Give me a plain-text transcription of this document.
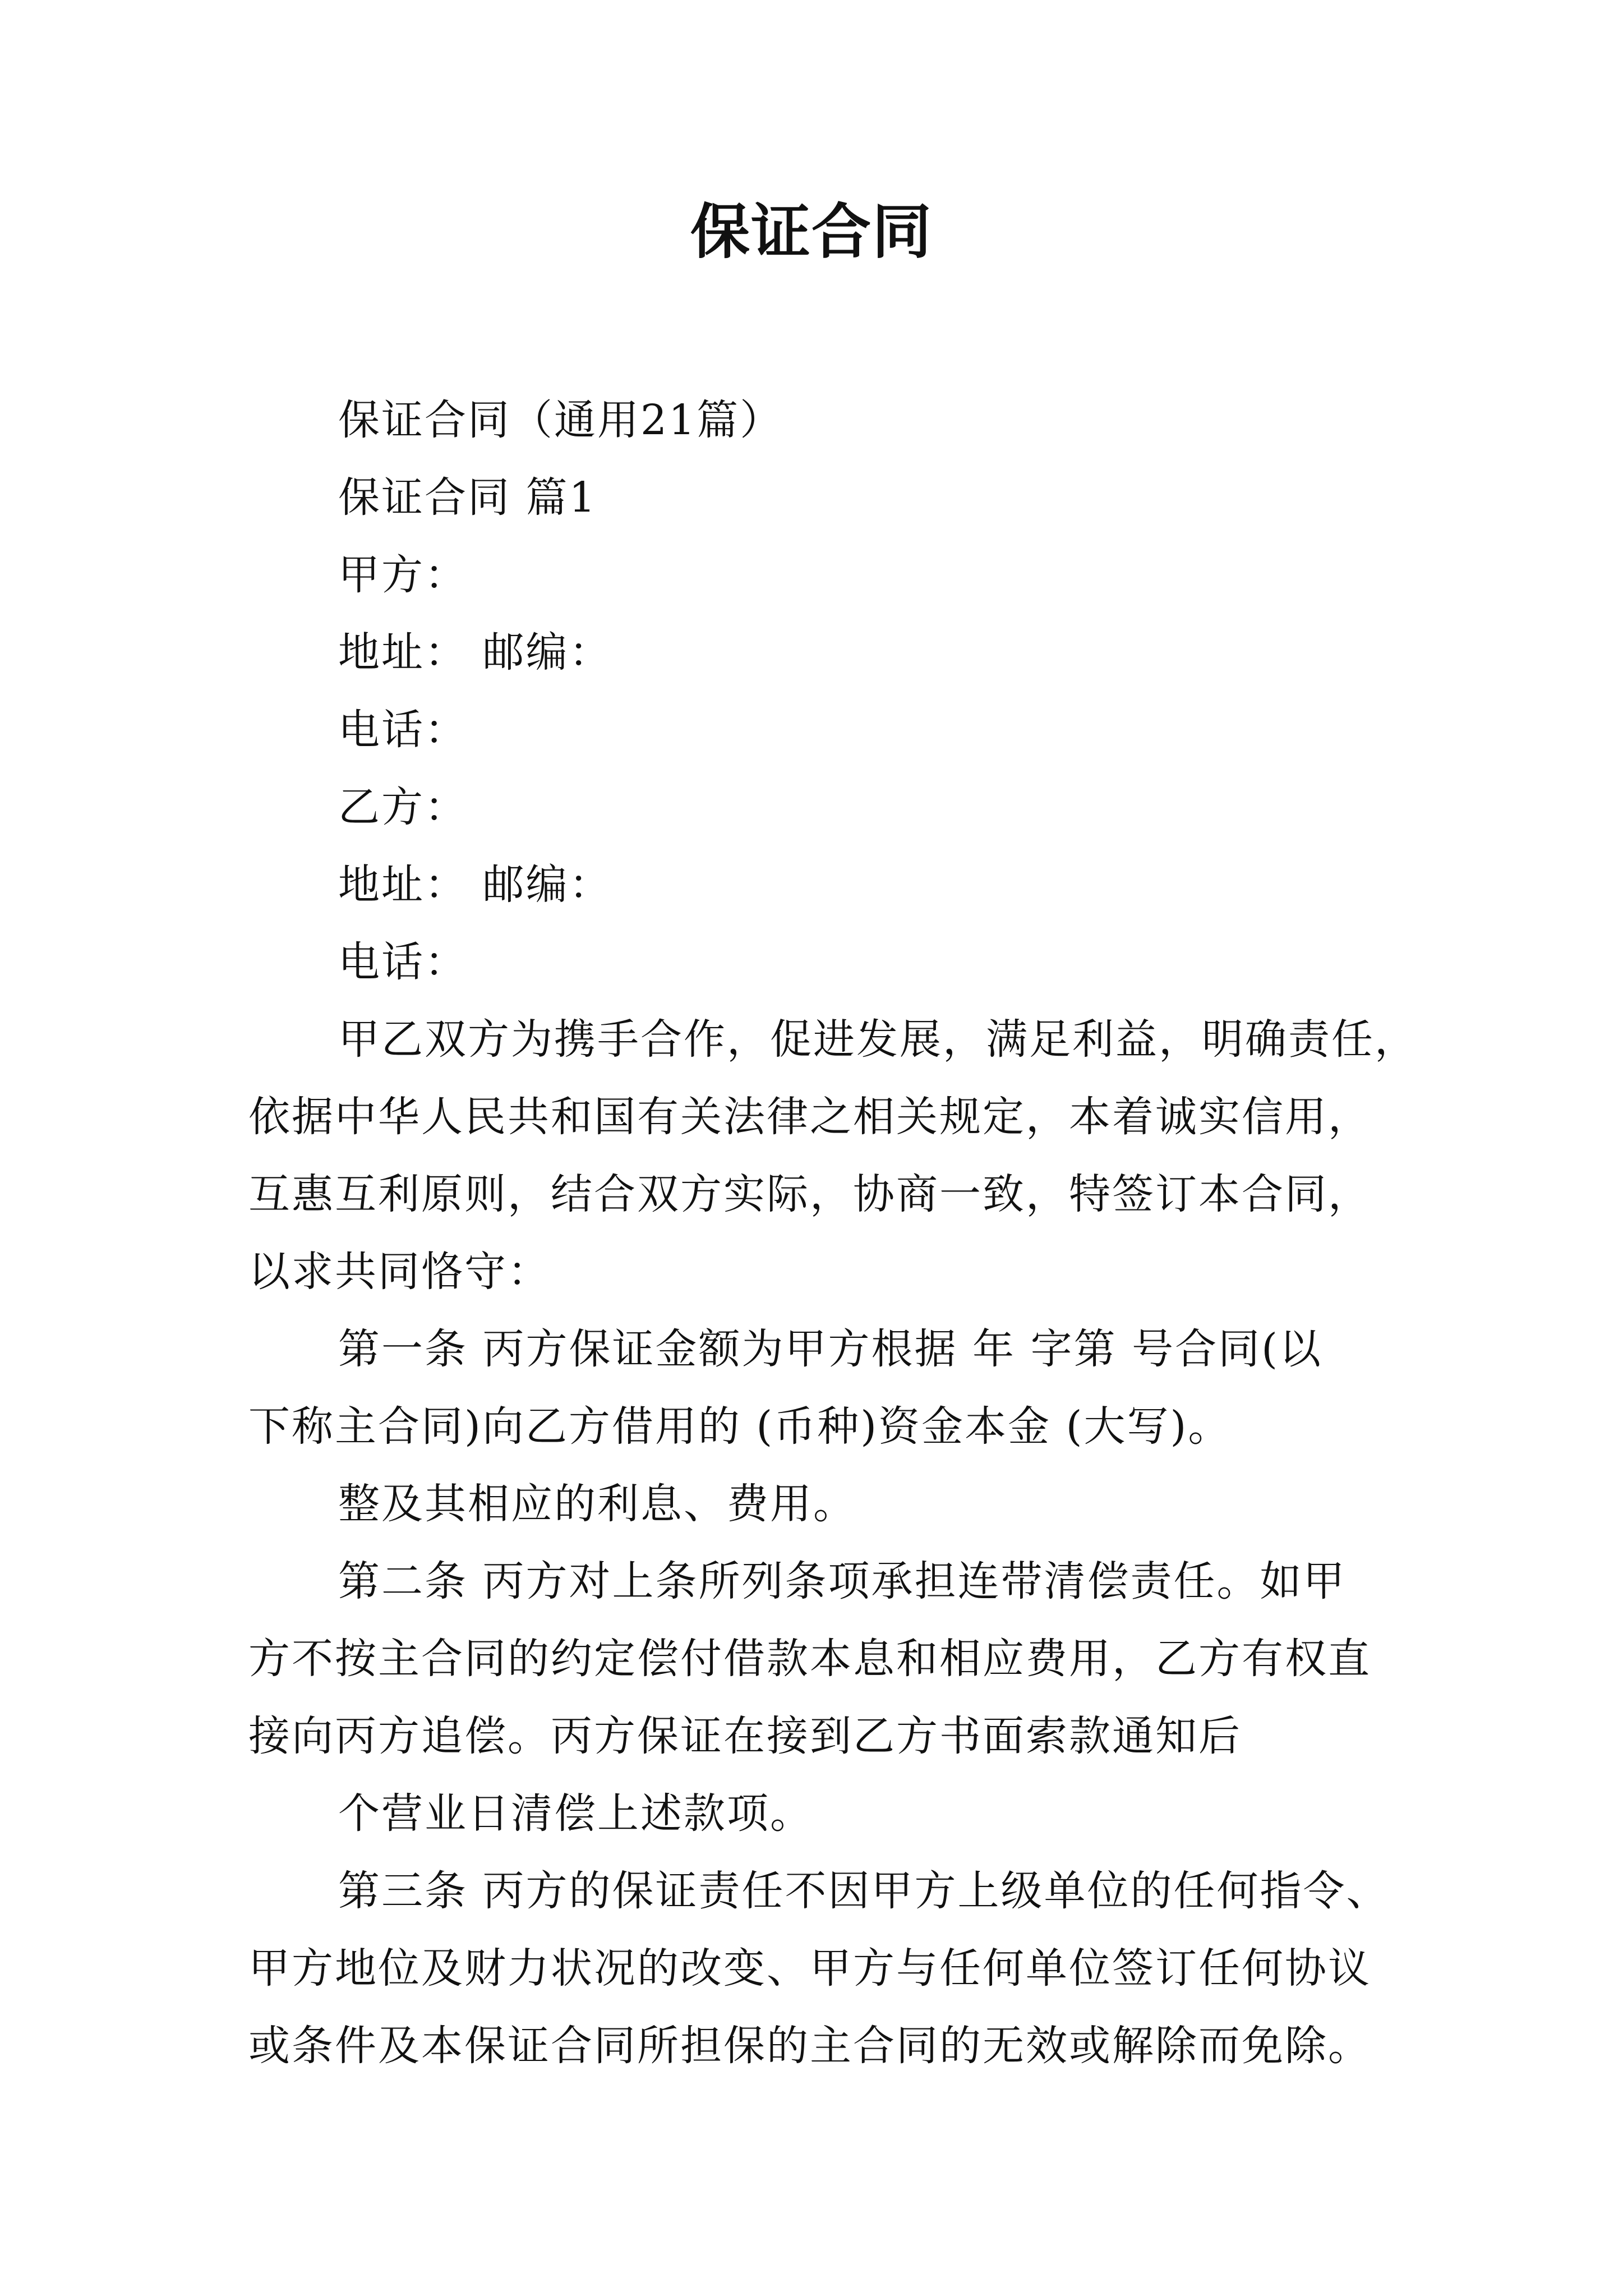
保证合同

保证合同（通用21篇）

保证合同 篇1

甲方：

地址： 邮编：

电话：

乙方：

地址： 邮编：

电话：

甲乙双方为携手合作，促进发展，满足利益，明确责任，

依据中华人民共和国有关法律之相关规定，本着诚实信用，

互惠互利原则，结合双方实际，协商一致，特签订本合同，

以求共同恪守：

第一条 丙方保证金额为甲方根据 年 字第 号合同(以

下称主合同)向乙方借用的 (币种)资金本金 (大写)。

整及其相应的利息、费用。

第二条 丙方对上条所列条项承担连带清偿责任。如甲

方不按主合同的约定偿付借款本息和相应费用，乙方有权直

接向丙方追偿。丙方保证在接到乙方书面索款通知后

个营业日清偿上述款项。

第三条 丙方的保证责任不因甲方上级单位的任何指令、

甲方地位及财力状况的改变、甲方与任何单位签订任何协议

或条件及本保证合同所担保的主合同的无效或解除而免除。
